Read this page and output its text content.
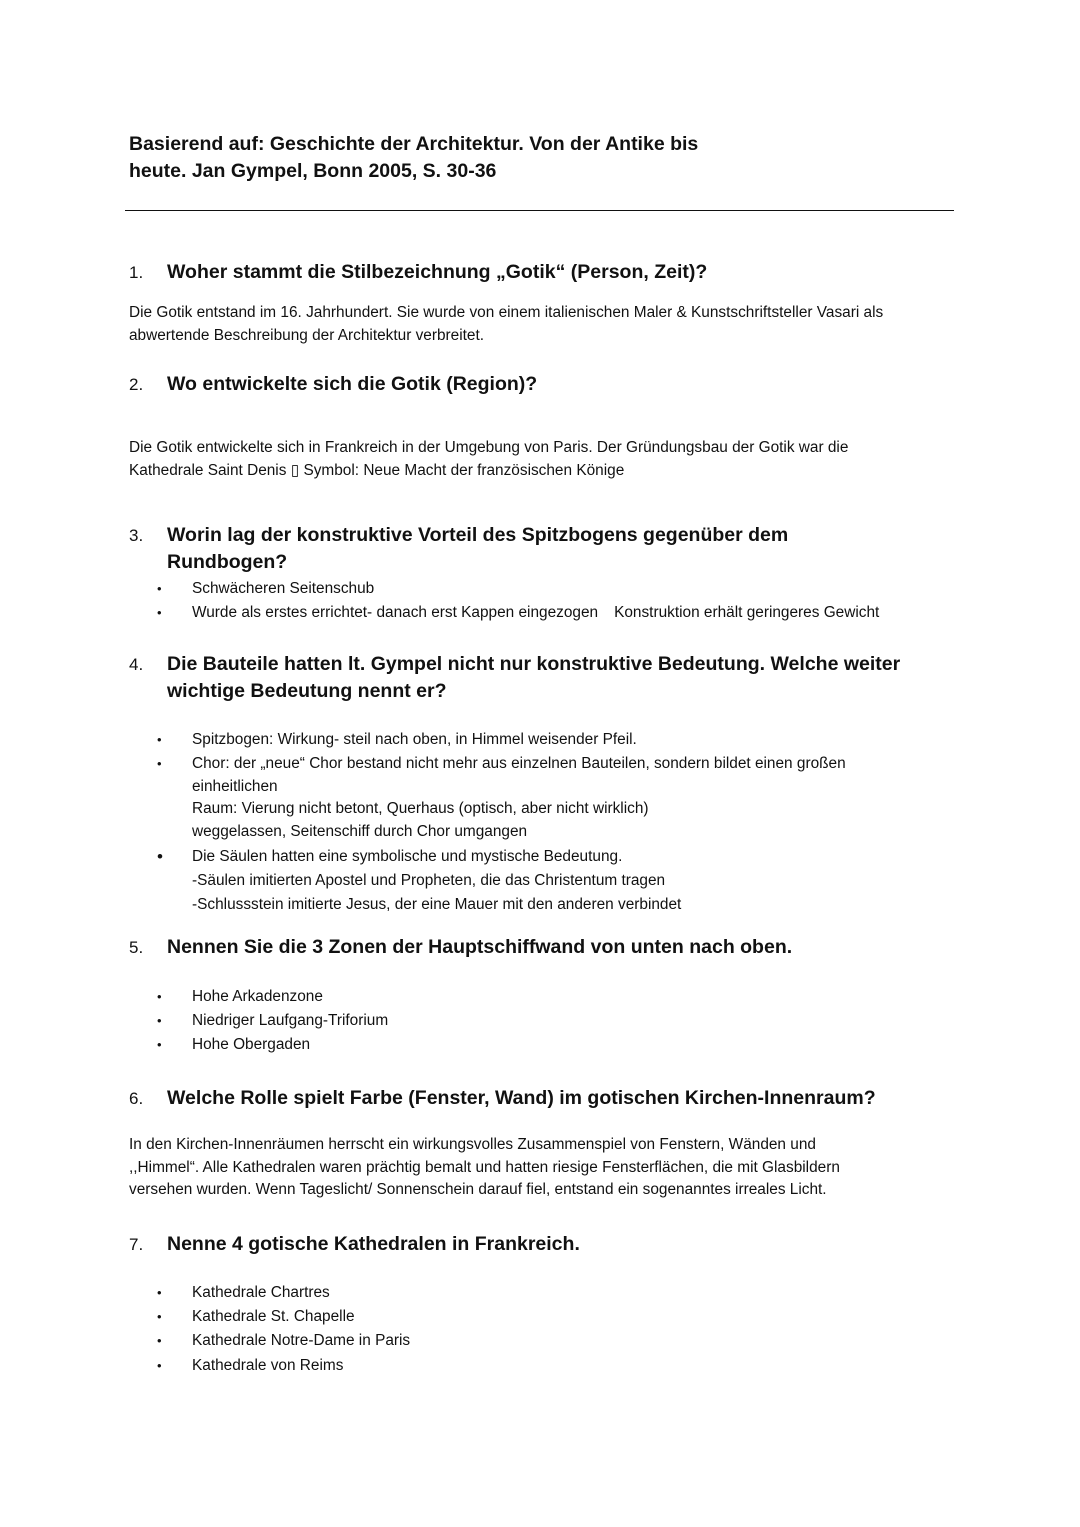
Basierend auf: Geschichte der Architektur. Von der Antike bis
heute. Jan Gympel, Bonn 2005, S. 30-36
1. Woher stammt die Stilbezeichnung „Gotik“ (Person, Zeit)?
Die Gotik entstand im 16. Jahrhundert. Sie wurde von einem italienischen Maler & Kunstschriftsteller Vasari als
abwertende Beschreibung der Architektur verbreitet.
2. Wo entwickelte sich die Gotik (Region)?
Die Gotik entwickelte sich in Frankreich in der Umgebung von Paris. Der Gründungsbau der Gotik war die
Kathedrale Saint Denis ▯ Symbol: Neue Macht der französischen Könige
3. Worin lag der konstruktive Vorteil des Spitzbogens gegenüber dem
Rundbogen?
• Schwächeren Seitenschub
• Wurde als erstes errichtet- danach erst Kappen eingezogen Konstruktion erhält geringeres Gewicht
4. Die Bauteile hatten lt. Gympel nicht nur konstruktive Bedeutung. Welche weiter
wichtige Bedeutung nennt er?
• Spitzbogen: Wirkung- steil nach oben, in Himmel weisender Pfeil.
• Chor: der „neue“ Chor bestand nicht mehr aus einzelnen Bauteilen, sondern bildet einen großen
einheitlichen
Raum: Vierung nicht betont, Querhaus (optisch, aber nicht wirklich)
weggelassen, Seitenschiff durch Chor umgangen
• Die Säulen hatten eine symbolische und mystische Bedeutung.
-Säulen imitierten Apostel und Propheten, die das Christentum tragen
-Schlussstein imitierte Jesus, der eine Mauer mit den anderen verbindet
5. Nennen Sie die 3 Zonen der Hauptschiffwand von unten nach oben.
• Hohe Arkadenzone
• Niedriger Laufgang-Triforium
• Hohe Obergaden
6. Welche Rolle spielt Farbe (Fenster, Wand) im gotischen Kirchen-Innenraum?
In den Kirchen-Innenräumen herrscht ein wirkungsvolles Zusammenspiel von Fenstern, Wänden und
,,Himmel“. Alle Kathedralen waren prächtig bemalt und hatten riesige Fensterflächen, die mit Glasbildern
versehen wurden. Wenn Tageslicht/ Sonnenschein darauf fiel, entstand ein sogenanntes irreales Licht.
7. Nenne 4 gotische Kathedralen in Frankreich.
• Kathedrale Chartres
• Kathedrale St. Chapelle
• Kathedrale Notre-Dame in Paris
• Kathedrale von Reims
